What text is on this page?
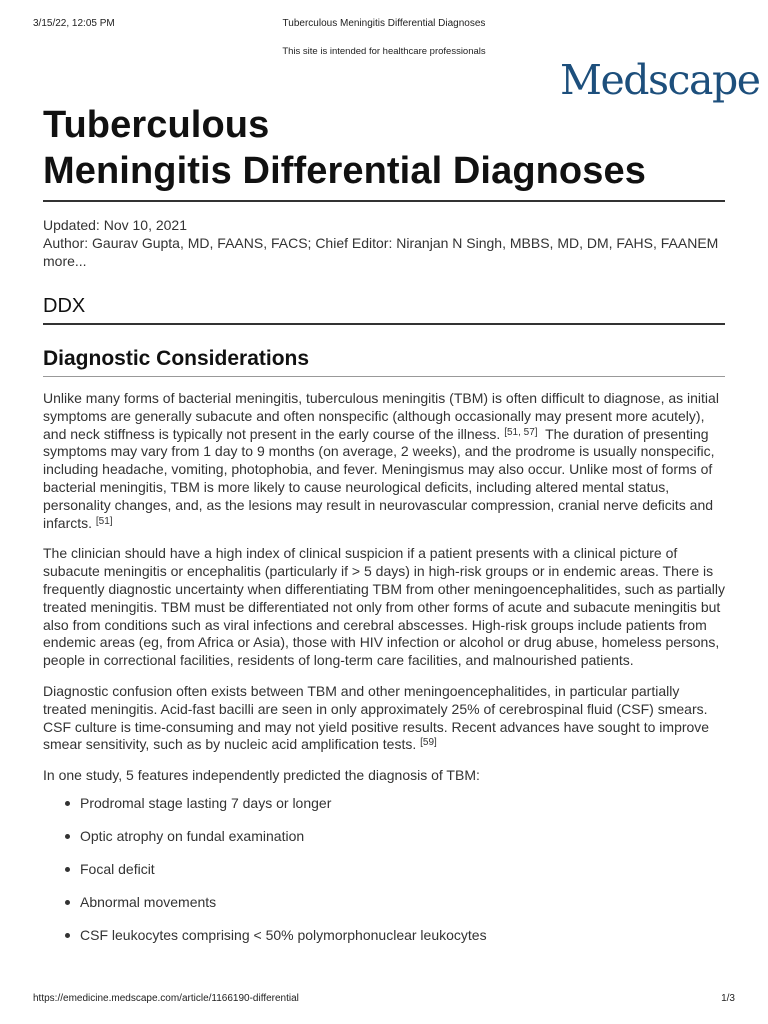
3/15/22, 12:05 PM	Tuberculous Meningitis Differential Diagnoses
This site is intended for healthcare professionals
Medscape
Tuberculous
Meningitis Differential Diagnoses
Updated: Nov 10, 2021
Author: Gaurav Gupta, MD, FAANS, FACS; Chief Editor: Niranjan N Singh, MBBS, MD, DM, FAHS, FAANEM  more...
DDX
Diagnostic Considerations

Unlike many forms of bacterial meningitis, tuberculous meningitis (TBM) is often difficult to diagnose, as initial symptoms are generally subacute and often nonspecific (although occasionally may present more acutely), and neck stiffness is typically not present in the early course of the illness. [51, 57] The duration of presenting symptoms may vary from 1 day to 9 months (on average, 2 weeks), and the prodrome is usually nonspecific, including headache, vomiting, photophobia, and fever. Meningismus may also occur. Unlike most of forms of bacterial meningitis, TBM is more likely to cause neurological deficits, including altered mental status, personality changes, and, as the lesions may result in neurovascular compression, cranial nerve deficits and infarcts. [51]

The clinician should have a high index of clinical suspicion if a patient presents with a clinical picture of subacute meningitis or encephalitis (particularly if > 5 days) in high-risk groups or in endemic areas. There is frequently diagnostic uncertainty when differentiating TBM from other meningoencephalitides, such as partially treated meningitis. TBM must be differentiated not only from other forms of acute and subacute meningitis but also from conditions such as viral infections and cerebral abscesses. High-risk groups include patients from endemic areas (eg, from Africa or Asia), those with HIV infection or alcohol or drug abuse, homeless persons, people in correctional facilities, residents of long-term care facilities, and malnourished patients.

Diagnostic confusion often exists between TBM and other meningoencephalitides, in particular partially treated meningitis. Acid-fast bacilli are seen in only approximately 25% of cerebrospinal fluid (CSF) smears. CSF culture is time-consuming and may not yield positive results. Recent advances have sought to improve smear sensitivity, such as by nucleic acid amplification tests. [59]

In one study, 5 features independently predicted the diagnosis of TBM:

Prodromal stage lasting 7 days or longer
Optic atrophy on fundal examination
Focal deficit
Abnormal movements
CSF leukocytes comprising < 50% polymorphonuclear leukocytes
https://emedicine.medscape.com/article/1166190-differential	1/3
